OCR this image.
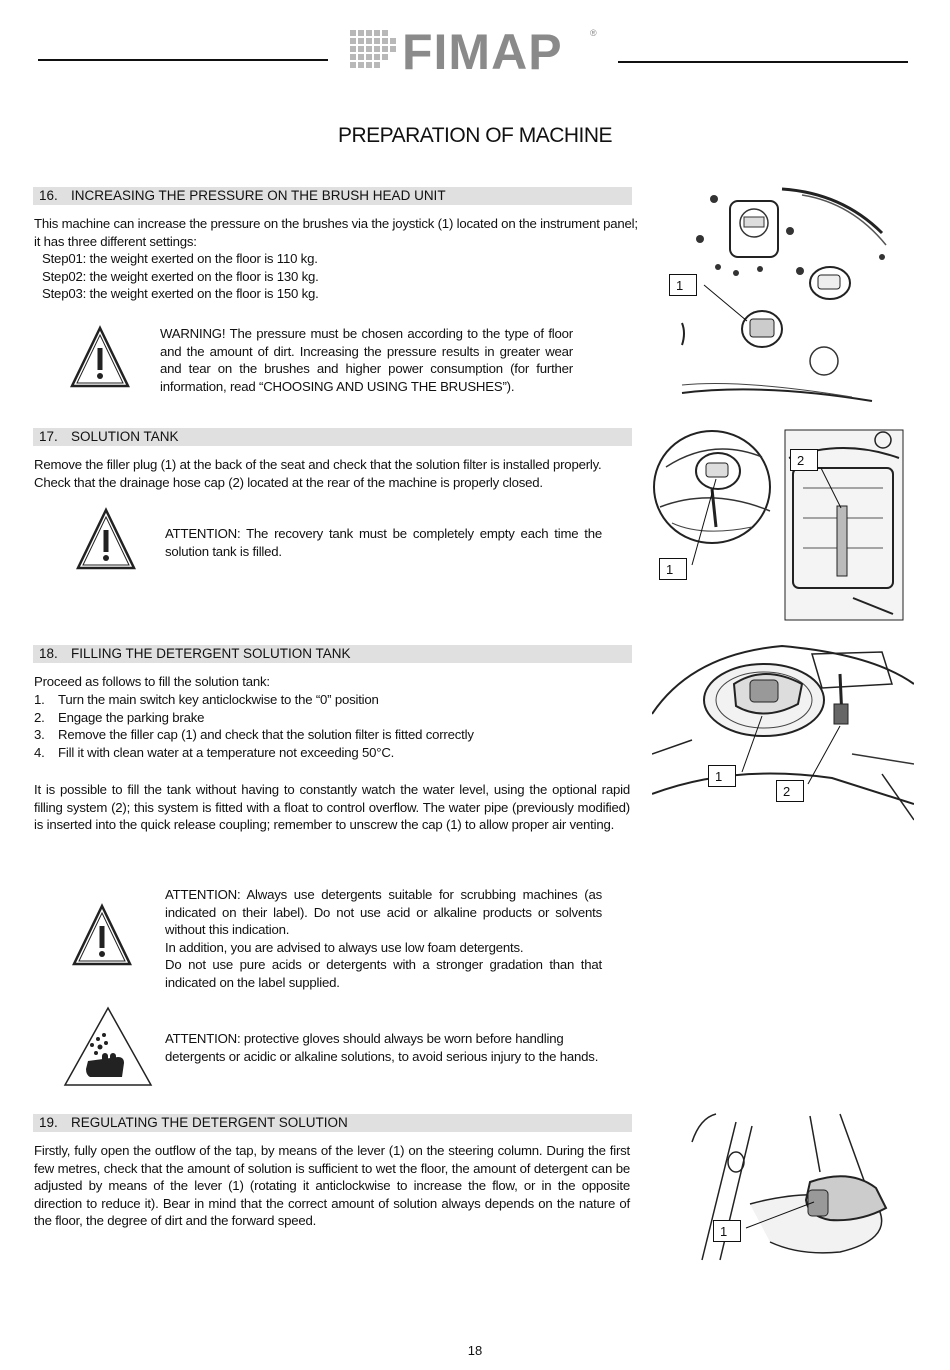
FIMAP	®
PREPARATION OF MACHINE
16. INCREASING THE PRESSURE ON THE BRUSH HEAD UNIT
This machine can increase the pressure on the brushes via the joystick (1) located on the instrument panel;
it has three different settings:
Step01: the weight exerted on the floor is 110 kg.
Step02: the weight exerted on the floor is 130 kg.
Step03: the weight exerted on the floor is 150 kg.
WARNING! The pressure must be chosen according to the type of floor and the amount of dirt. Increasing the pressure results in greater wear and tear on the brushes and higher power consumption (for further information, read “CHOOSING AND USING THE BRUSHES”).
1
17. SOLUTION TANK
Remove the filler plug (1) at the back of the seat and check that the solution filter is installed properly.
Check that the drainage hose cap (2) located at the rear of the machine is properly closed.
ATTENTION: The recovery tank must be completely empty each time the solution tank is filled.
1
2
18. FILLING THE DETERGENT SOLUTION TANK
Proceed as follows to fill the solution tank:
1. Turn the main switch key anticlockwise to the “0” position
2. Engage the parking brake
3. Remove the filler cap (1) and check that the solution filter is fitted correctly
4. Fill it with clean water at a temperature not exceeding 50°C.
It is possible to fill the tank without having to constantly watch the water level, using the optional rapid filling system (2); this system is fitted with a float to control overflow. The water pipe (previously modified) is inserted into the quick release coupling; remember to unscrew the cap (1) to allow proper air venting.
ATTENTION: Always use detergents suitable for scrubbing machines (as indicated on their label). Do not use acid or alkaline products or solvents without this indication.
In addition, you are advised to always use low foam detergents.
Do not use pure acids or detergents with a stronger gradation than that indicated on the label supplied.
ATTENTION: protective gloves should always be worn before handling detergents or acidic or alkaline solutions, to avoid serious injury to the hands.
1
2
19. REGULATING THE DETERGENT SOLUTION
Firstly, fully open the outflow of the tap, by means of the lever (1) on the steering column. During the first few metres, check that the amount of solution is sufficient to wet the floor, the amount of detergent can be adjusted by means of the lever (1) (rotating it anticlockwise to increase the flow, or in the opposite direction to reduce it). Bear in mind that the correct amount of solution always depends on the nature of the floor, the degree of dirt and the forward speed.
1
18
